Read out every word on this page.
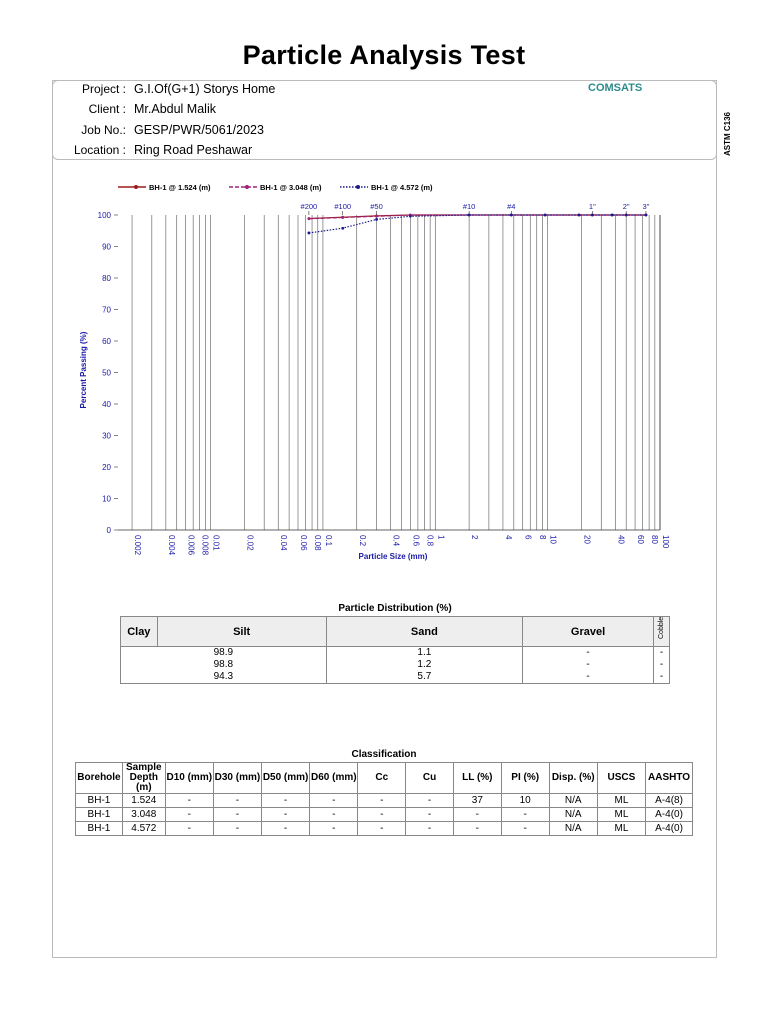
Particle Analysis Test
Project : G.I.Of(G+1) Storys Home
Client : Mr.Abdul Malik
Job No.: GESP/PWR/5061/2023
Location : Ring Road Peshawar
COMSATS
ASTM C136
BH-1 @ 1.524 (m)	BH-1 @ 3.048 (m)	BH-1 @ 4.572 (m)
0
10
20
30
40
50
60
70
80
90
100
0.002	0.004 0.006 0.008 0.01	0.02	0.04 0.06 0.08 0.1	0.2	0.4 0.6 0.8 1	2	4 6 8 10	20	40 60 80 100
#200 #100	#50	#10	#4	1"	2" 3"
Particle Size (mm)
Percent Passing (%)
Particle Distribution (%)
Clay	Silt	Sand	Gravel	Cobble

98.9		1.1	-	-
98.8		1.2	-	-
94.3		5.7	-	-
Classification
Borehole	Sample Depth (m)	D10 (mm)	D30 (mm)	D50 (mm)	D60 (mm)	Cc	Cu	LL (%)	PI (%)	Disp. (%)	USCS	AASHTO
BH-1	1.524	-	-	-	-	-	-	37	10	N/A	ML	A-4(8)
BH-1	3.048	-	-	-	-	-	-	-	-	N/A	ML	A-4(0)
BH-1	4.572	-	-	-	-	-	-	-	-	N/A	ML	A-4(0)
